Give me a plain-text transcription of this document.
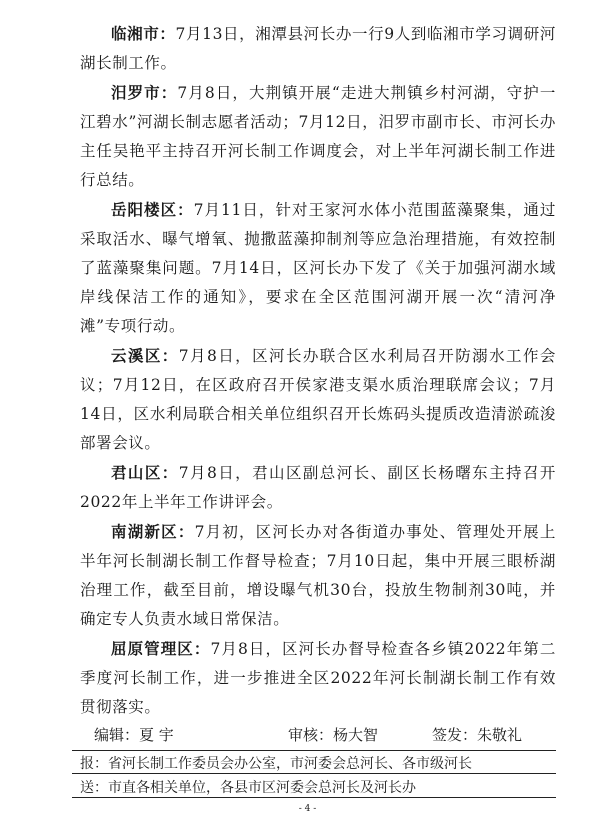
临湘市：7月13日，湘潭县河长办一行9人到临湘市学习调研河湖长制工作。

汨罗市：7月8日，大荆镇开展“走进大荆镇乡村河湖，守护一江碧水”河湖长制志愿者活动；7月12日，汨罗市副市长、市河长办主任吴艳平主持召开河长制工作调度会，对上半年河湖长制工作进行总结。

岳阳楼区：7月11日，针对王家河水体小范围蓝藻聚集，通过采取活水、曝气增氧、抛撒蓝藻抑制剂等应急治理措施，有效控制了蓝藻聚集问题。7月14日，区河长办下发了《关于加强河湖水域岸线保洁工作的通知》，要求在全区范围河湖开展一次“清河净滩”专项行动。

云溪区：7月8日，区河长办联合区水利局召开防溺水工作会议；7月12日，在区政府召开侯家港支渠水质治理联席会议；7月14日，区水利局联合相关单位组织召开长炼码头提质改造清淤疏浚部署会议。

君山区：7月8日，君山区副总河长、副区长杨曙东主持召开2022年上半年工作讲评会。

南湖新区：7月初，区河长办对各街道办事处、管理处开展上半年河长制湖长制工作督导检查；7月10日起，集中开展三眼桥湖治理工作，截至目前，增设曝气机30台，投放生物制剂30吨，并确定专人负责水域日常保洁。

屈原管理区：7月8日，区河长办督导检查各乡镇2022年第二季度河长制工作，进一步推进全区2022年河长制湖长制工作有效贯彻落实。

编辑：夏 宇	审核：杨大智	签发：朱敬礼
报：省河长制工作委员会办公室，市河委会总河长、各市级河长
送：市直各相关单位，各县市区河委会总河长及河长办
- 4 -
